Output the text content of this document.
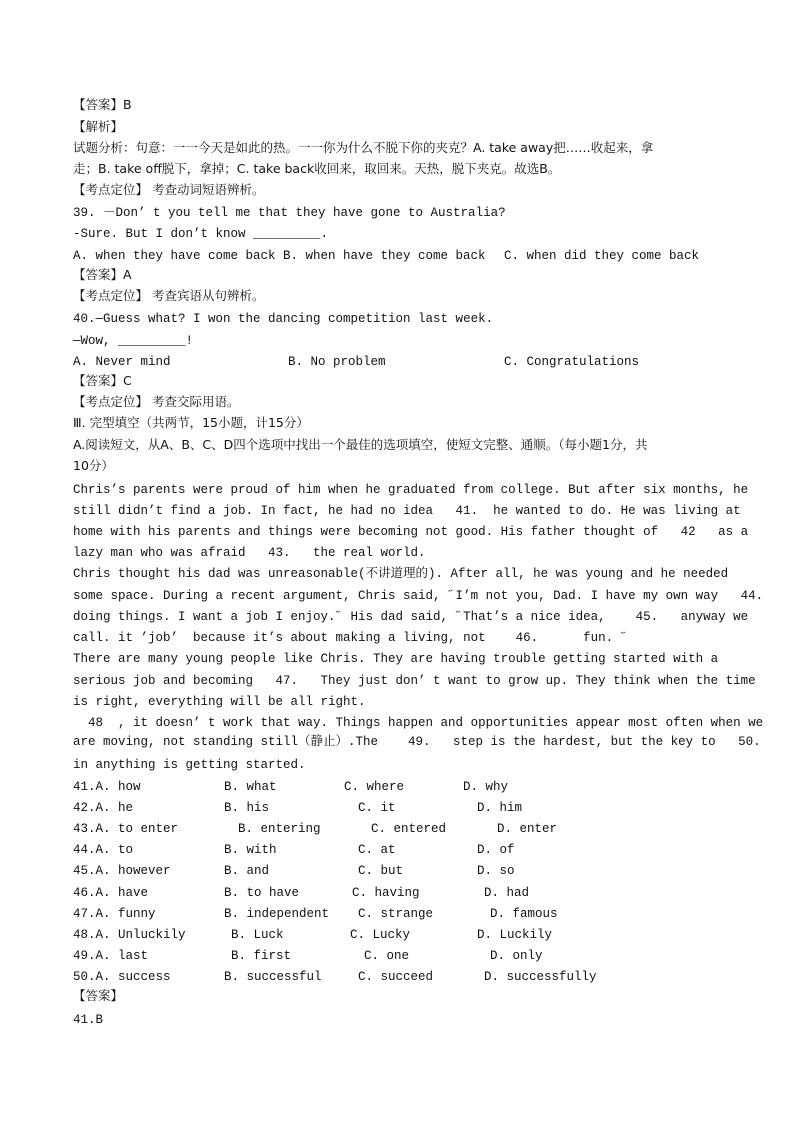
【答案】B
【解析】
试题分析：句意：一一今天是如此的热。一一你为什么不脱下你的夹克？A. take away把……收起来，拿
走；B. take off脱下，拿掉；C. take back收回来，取回来。天热，脱下夹克。故选B。
【考点定位】 考查动词短语辨析。
39. －Don’ t you tell me that they have gone to Australia?
-Sure. But I don’t know _________.
A. when they have come back B. when have they come back C. when did they come back
【答案】A
【考点定位】 考查宾语从句辨析。
40.—Guess what? I won the dancing competition last week.
—Wow, _________!
A. Never mind	B. No problem	C. Congratulations
【答案】C
【考点定位】 考查交际用语。
Ⅲ. 完型填空（共两节，15小题，计15分）
A.阅读短文，从A、B、C、D四个选项中找出一个最佳的选项填空，使短文完整、通顺。（每小题1分，共
10分）
Chris’s parents were proud of him when he graduated from college. But after six months, he
still didn’t find a job. In fact, he had no idea   41.  he wanted to do. He was living at
home with his parents and things were becoming not good. His father thought of   42   as a
lazy man who was afraid   43.   the real world.
Chris thought his dad was unreasonable(不讲道理的). After all, he was young and he needed
some space. During a recent argument, Chris said, ˝I’m not you, Dad. I have my own way   44.
doing things. I want a job I enjoy.˝ His dad said, ˝That’s a nice idea,    45.   anyway we
call. it ’job’  because it’s about making a living, not    46.      fun. ˝
There are many young people like Chris. They are having trouble getting started with a
serious job and becoming   47.   They just don’ t want to grow up. They think when the time
is right, everything will be all right.
48  , it doesn’ t work that way. Things happen and opportunities appear most often when we
are moving, not standing still（静止）.The    49.   step is the hardest, but the key to   50.
in anything is getting started.
41.A. how	B. what	C. where	D. why
42.A. he	B. his	C. it	D. him
43.A. to enter	B. entering	C. entered	D. enter
44.A. to	B. with	C. at	D. of
45.A. however	B. and	C. but	D. so
46.A. have	B. to have	C. having	D. had
47.A. funny	B. independent C. strange	D. famous
48.A. Unluckily	B. Luck	C. Lucky	D. Luckily
49.A. last	B. first	C. one	D. only
50.A. success	B. successful	C. succeed	D. successfully
【答案】
41.B
